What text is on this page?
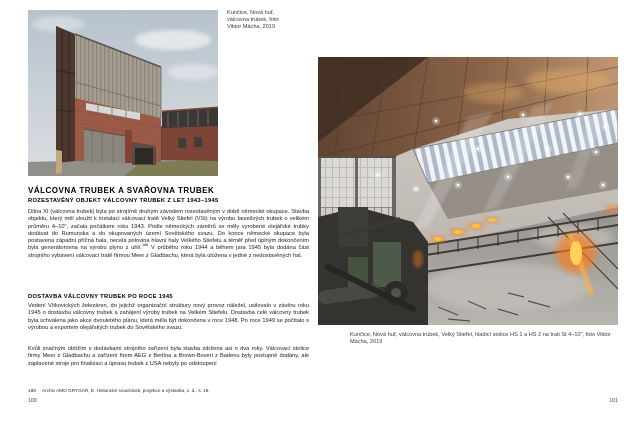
Kunčice, Nová huť,
válcovna trubek, foto
Viktor Mácha, 2019
VÁLCOVNA TRUBEK A SVAŘOVNA TRUBEK
ROZESTAVĚNÝ OBJEKT VÁLCOVNY TRUBEK Z LET 1943–1945

Dílna XI (válcovna trubek) byla po strojírně druhým závodem rozestavěným v době německé okupace. Stavba objektu, který měl sloužit k instalaci válcovací tratě Velký Stiefel (VSt) na výrobu bezešvých trubek o velikém průměru 4–10", začala počátkem roku 1943. Podle německých záměrů se měly vyrobené olejářské trubky dodávat do Rumunska a do okupovaných území Sovětského svazu. Do konce německé okupace byla postavena západní příčná hala, necelá polovina hlavní haly Velkého Stiefelu a téměř před úplným dokončením byla generátorovna na výrobu plynu z uhlí.$^{188}$ V průběhu roku 1944 a během jara 1945 byla dodána část strojního vybavení válcovací tratě firmou Meer z Gladbachu, která byla uložena v jedné z nedostavěných hal.

DOSTAVBA VÁLCOVNY TRUBEK PO ROCE 1945

Vedení Vítkovických železáren, do jejichž organizační struktury nový provoz náležel, usilovalo v závěru roku 1945 o dostavbu válcovny trubek a zahájení výroby trubek na Velkém Stiefelu. Dostavba celé válcovny trubek byla schválena jako akce dvouletého plánu, která měla být dokončena v roce 1948. Po roce 1949 se počítalo s výrobou a exportem olejářských trubek do Sovětského svazu.

Kvůli značným obtížím s dodávkami strojního zařízení byla stavba zdržena asi o dva roky. Válcovací stolice firmy Meer z Gladbachu a zařízení firem AEG z Berlína a Brown-Boveri z Badenu byly postupně dodány, ale zaplacené stroje pro finalizaci a úpravu trubek z USA nebyly po odstoupení

188 Archiv AMO GRYGAR, E. Historické souvislosti, projekce a výstavba, c. d., s. 19.
100
Kunčice, Nová huť, válcovna trubek, Velký Stiefel, hladicí stolice HS 1 a HS 2 na trati St 4–10", foto Viktor Mácha, 2019
101
